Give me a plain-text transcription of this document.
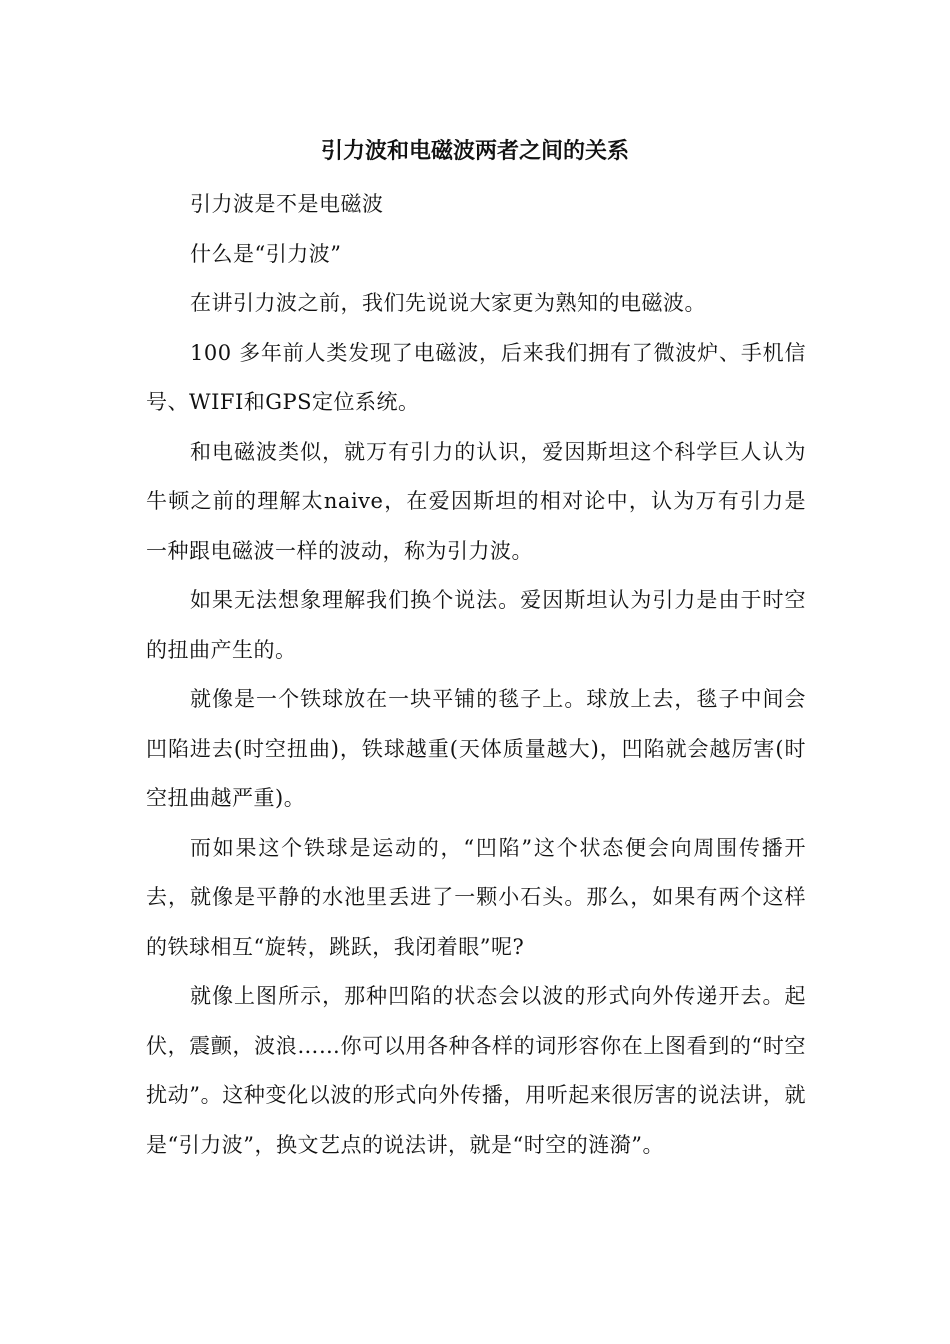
引力波和电磁波两者之间的关系

引力波是不是电磁波

什么是“引力波”

在讲引力波之前，我们先说说大家更为熟知的电磁波。

100 多年前人类发现了电磁波，后来我们拥有了微波炉、手机信号、WIFI和GPS定位系统。

和电磁波类似，就万有引力的认识，爱因斯坦这个科学巨人认为牛顿之前的理解太naive，在爱因斯坦的相对论中，认为万有引力是一种跟电磁波一样的波动，称为引力波。

如果无法想象理解我们换个说法。爱因斯坦认为引力是由于时空的扭曲产生的。

就像是一个铁球放在一块平铺的毯子上。球放上去，毯子中间会凹陷进去(时空扭曲)，铁球越重(天体质量越大)，凹陷就会越厉害(时空扭曲越严重)。

而如果这个铁球是运动的，“凹陷”这个状态便会向周围传播开去，就像是平静的水池里丢进了一颗小石头。那么，如果有两个这样的铁球相互“旋转，跳跃，我闭着眼”呢?

就像上图所示，那种凹陷的状态会以波的形式向外传递开去。起伏，震颤，波浪……你可以用各种各样的词形容你在上图看到的“时空扰动”。这种变化以波的形式向外传播，用听起来很厉害的说法讲，就是“引力波”，换文艺点的说法讲，就是“时空的涟漪”。
